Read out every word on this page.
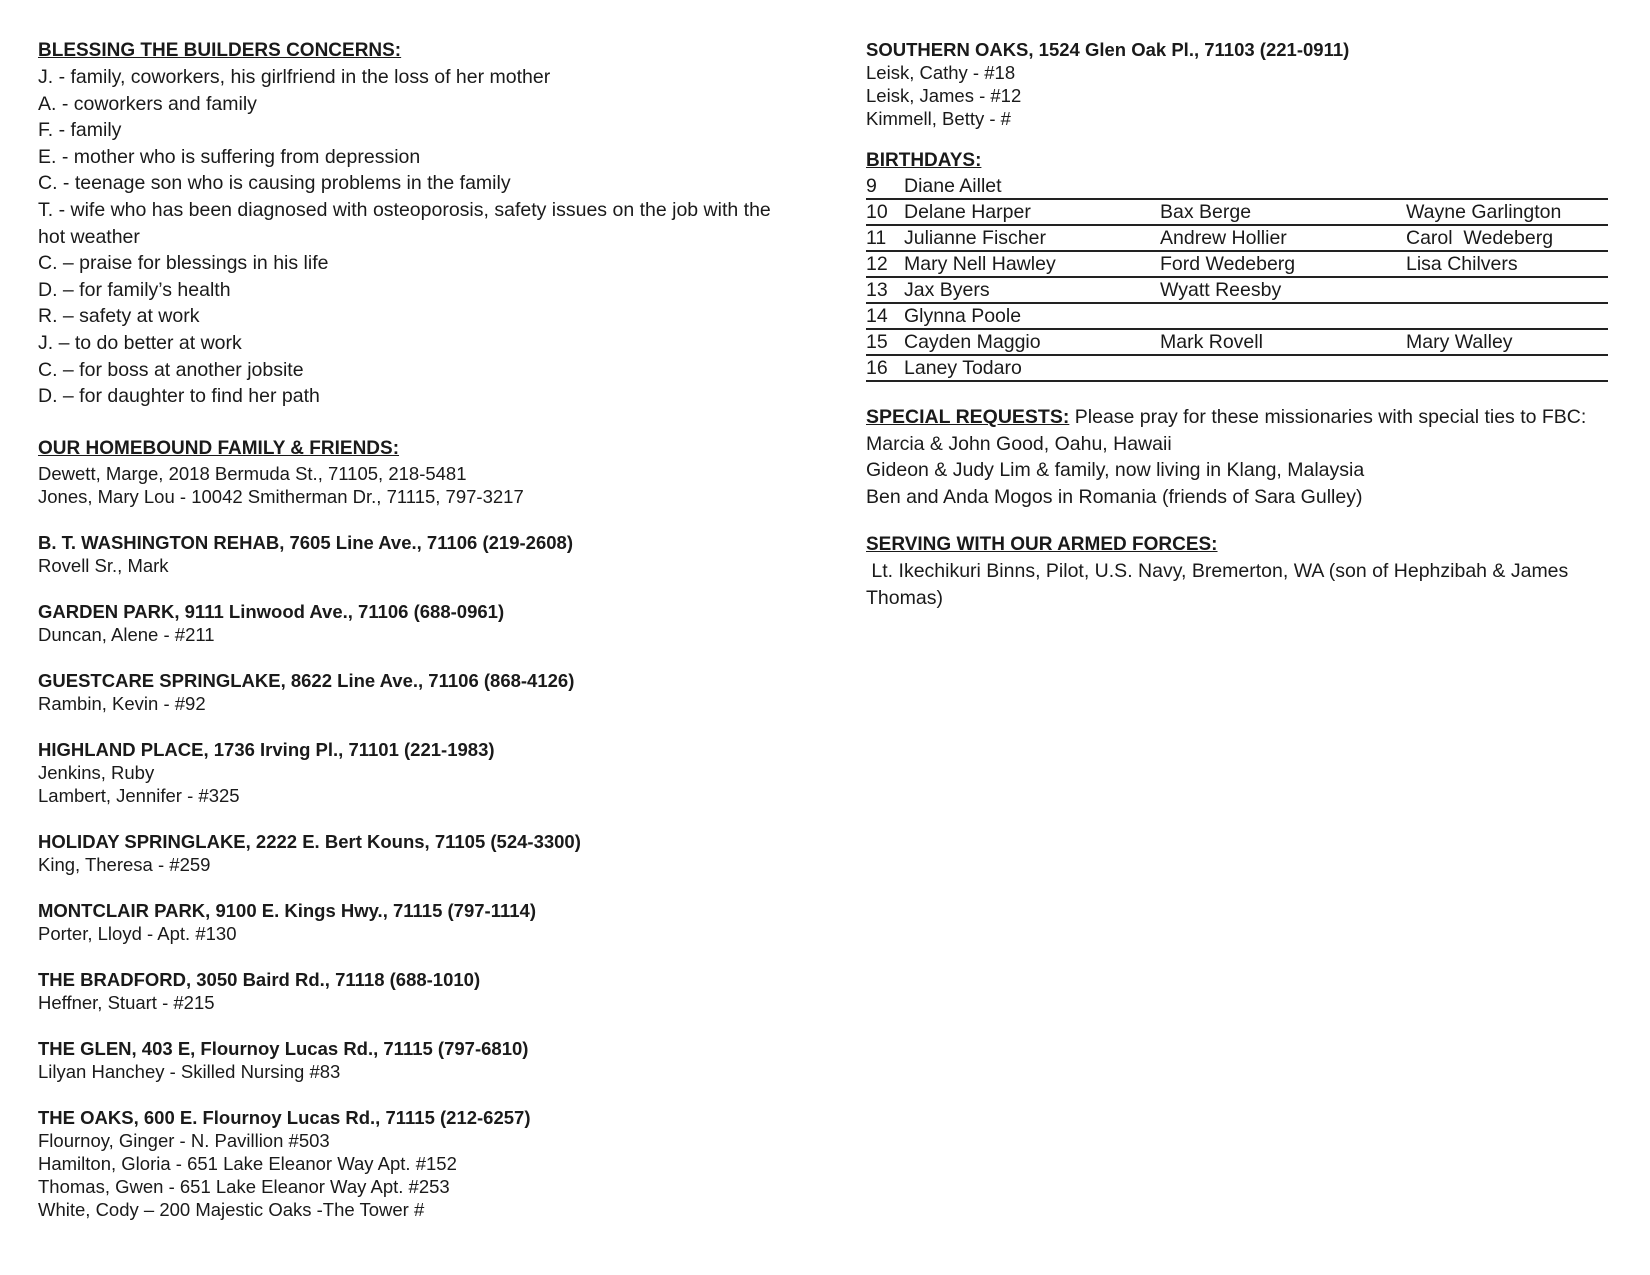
BLESSING THE BUILDERS CONCERNS:
J. - family, coworkers, his girlfriend in the loss of her mother
A. - coworkers and family
F. - family
E. - mother who is suffering from depression
C. - teenage son who is causing problems in the family
T. - wife who has been diagnosed with osteoporosis, safety issues on the job with the hot weather
C. – praise for blessings in his life
D. – for family’s health
R. – safety at work
J. – to do better at work
C. – for boss at another jobsite
D. – for daughter to find her path
OUR HOMEBOUND FAMILY & FRIENDS:
Dewett, Marge, 2018 Bermuda St., 71105, 218-5481
Jones, Mary Lou - 10042 Smitherman Dr., 71115, 797-3217
B. T. WASHINGTON REHAB, 7605 Line Ave., 71106 (219-2608)
Rovell Sr., Mark
GARDEN PARK, 9111 Linwood Ave., 71106 (688-0961)
Duncan, Alene - #211
GUESTCARE SPRINGLAKE, 8622 Line Ave., 71106 (868-4126)
Rambin, Kevin - #92
HIGHLAND PLACE, 1736 Irving Pl., 71101 (221-1983)
Jenkins, Ruby
Lambert, Jennifer - #325
HOLIDAY SPRINGLAKE, 2222 E. Bert Kouns, 71105 (524-3300)
King, Theresa - #259
MONTCLAIR PARK, 9100 E. Kings Hwy., 71115 (797-1114)
Porter, Lloyd - Apt. #130
THE BRADFORD, 3050 Baird Rd., 71118 (688-1010)
Heffner, Stuart - #215
THE GLEN, 403 E, Flournoy Lucas Rd., 71115 (797-6810)
Lilyan Hanchey - Skilled Nursing #83
THE OAKS, 600 E. Flournoy Lucas Rd., 71115 (212-6257)
Flournoy, Ginger - N. Pavillion #503
Hamilton, Gloria - 651 Lake Eleanor Way Apt. #152
Thomas, Gwen - 651 Lake Eleanor Way Apt. #253
White, Cody – 200 Majestic Oaks -The Tower #
SOUTHERN OAKS, 1524 Glen Oak Pl., 71103 (221-0911)
Leisk, Cathy - #18
Leisk, James - #12
Kimmell, Betty - #
BIRTHDAYS:
9	Diane Aillet
10 Delane Harper	Bax Berge	Wayne Garlington
11 Julianne Fischer	Andrew Hollier	Carol  Wedeberg
12 Mary Nell Hawley	Ford Wedeberg	Lisa Chilvers
13 Jax Byers	Wyatt Reesby
14 Glynna Poole
15 Cayden Maggio	Mark Rovell	Mary Walley
16 Laney Todaro
SPECIAL REQUESTS: Please pray for these missionaries with special ties to FBC:
Marcia & John Good, Oahu, Hawaii
Gideon & Judy Lim & family, now living in Klang, Malaysia
Ben and Anda Mogos in Romania (friends of Sara Gulley)
SERVING WITH OUR ARMED FORCES:
Lt. Ikechikuri Binns, Pilot, U.S. Navy, Bremerton, WA (son of Hephzibah & James Thomas)
